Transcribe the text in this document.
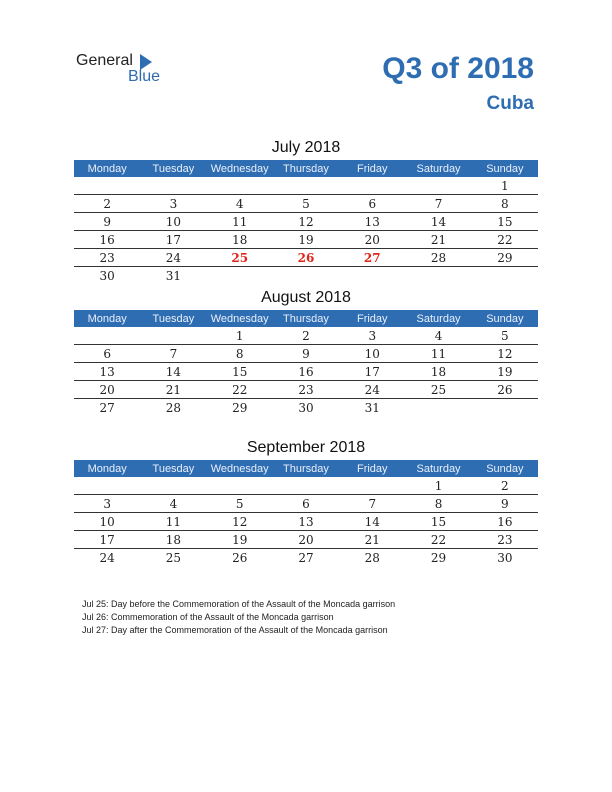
General
Blue	Q3 of 2018
Cuba
July 2018
Monday	Tuesday	Wednesday	Thursday	Friday	Saturday	Sunday
						1
2	3	4	5	6	7	8
9	10	11	12	13	14	15
16	17	18	19	20	21	22
23	24	25	26	27	28	29
30	31					
August 2018
Monday	Tuesday	Wednesday	Thursday	Friday	Saturday	Sunday
		1	2	3	4	5
6	7	8	9	10	11	12
13	14	15	16	17	18	19
20	21	22	23	24	25	26
27	28	29	30	31		
September 2018
Monday	Tuesday	Wednesday	Thursday	Friday	Saturday	Sunday
					1	2
3	4	5	6	7	8	9
10	11	12	13	14	15	16
17	18	19	20	21	22	23
24	25	26	27	28	29	30

Jul 25: Day before the Commemoration of the Assault of the Moncada garrison

Jul 26: Commemoration of the Assault of the Moncada garrison

Jul 27: Day after the Commemoration of the Assault of the Moncada garrison
